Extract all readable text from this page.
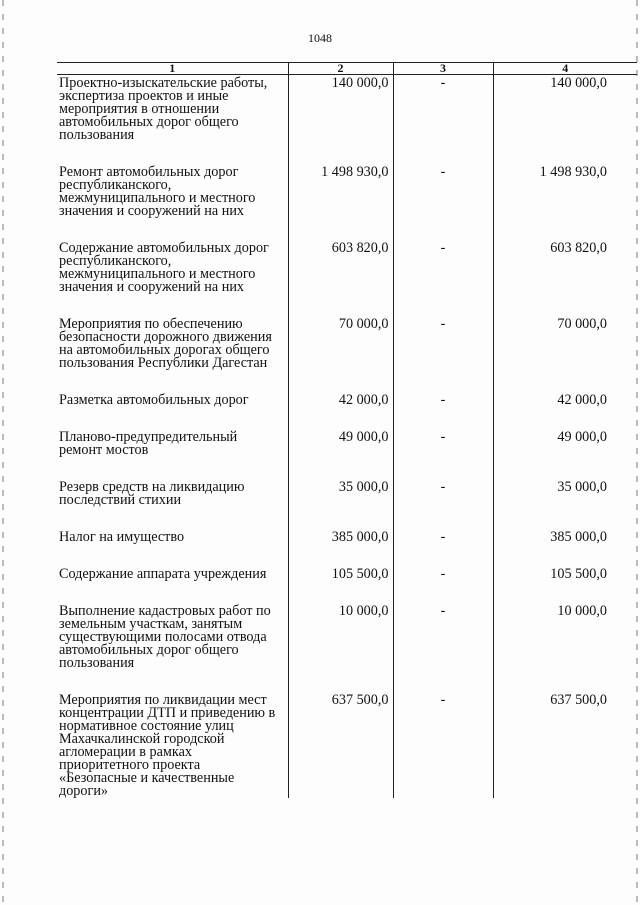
1048
1	2	3	4
Проектно-изыскательские работы, экспертиза проектов и иные мероприятия в отношении автомобильных дорог общего пользования	140 000,0	-	140 000,0
Ремонт автомобильных дорог республиканского, межмуниципального и местного значения и сооружений на них	1 498 930,0	-	1 498 930,0
Содержание автомобильных дорог республиканского, межмуниципального и местного значения и сооружений на них	603 820,0	-	603 820,0
Мероприятия по обеспечению безопасности дорожного движения на автомобильных дорогах общего пользования Республики Дагестан	70 000,0	-	70 000,0
Разметка автомобильных дорог	42 000,0	-	42 000,0
Планово-предупредительный ремонт мостов	49 000,0	-	49 000,0
Резерв средств на ликвидацию последствий стихии	35 000,0	-	35 000,0
Налог на имущество	385 000,0	-	385 000,0
Содержание аппарата учреждения	105 500,0	-	105 500,0
Выполнение кадастровых работ по земельным участкам, занятым существующими полосами отвода автомобильных дорог общего пользования	10 000,0	-	10 000,0
Мероприятия по ликвидации мест концентрации ДТП и приведению в нормативное состояние улиц Махачкалинской городской агломерации в рамках приоритетного проекта «Безопасные и качественные дороги»	637 500,0	-	637 500,0
